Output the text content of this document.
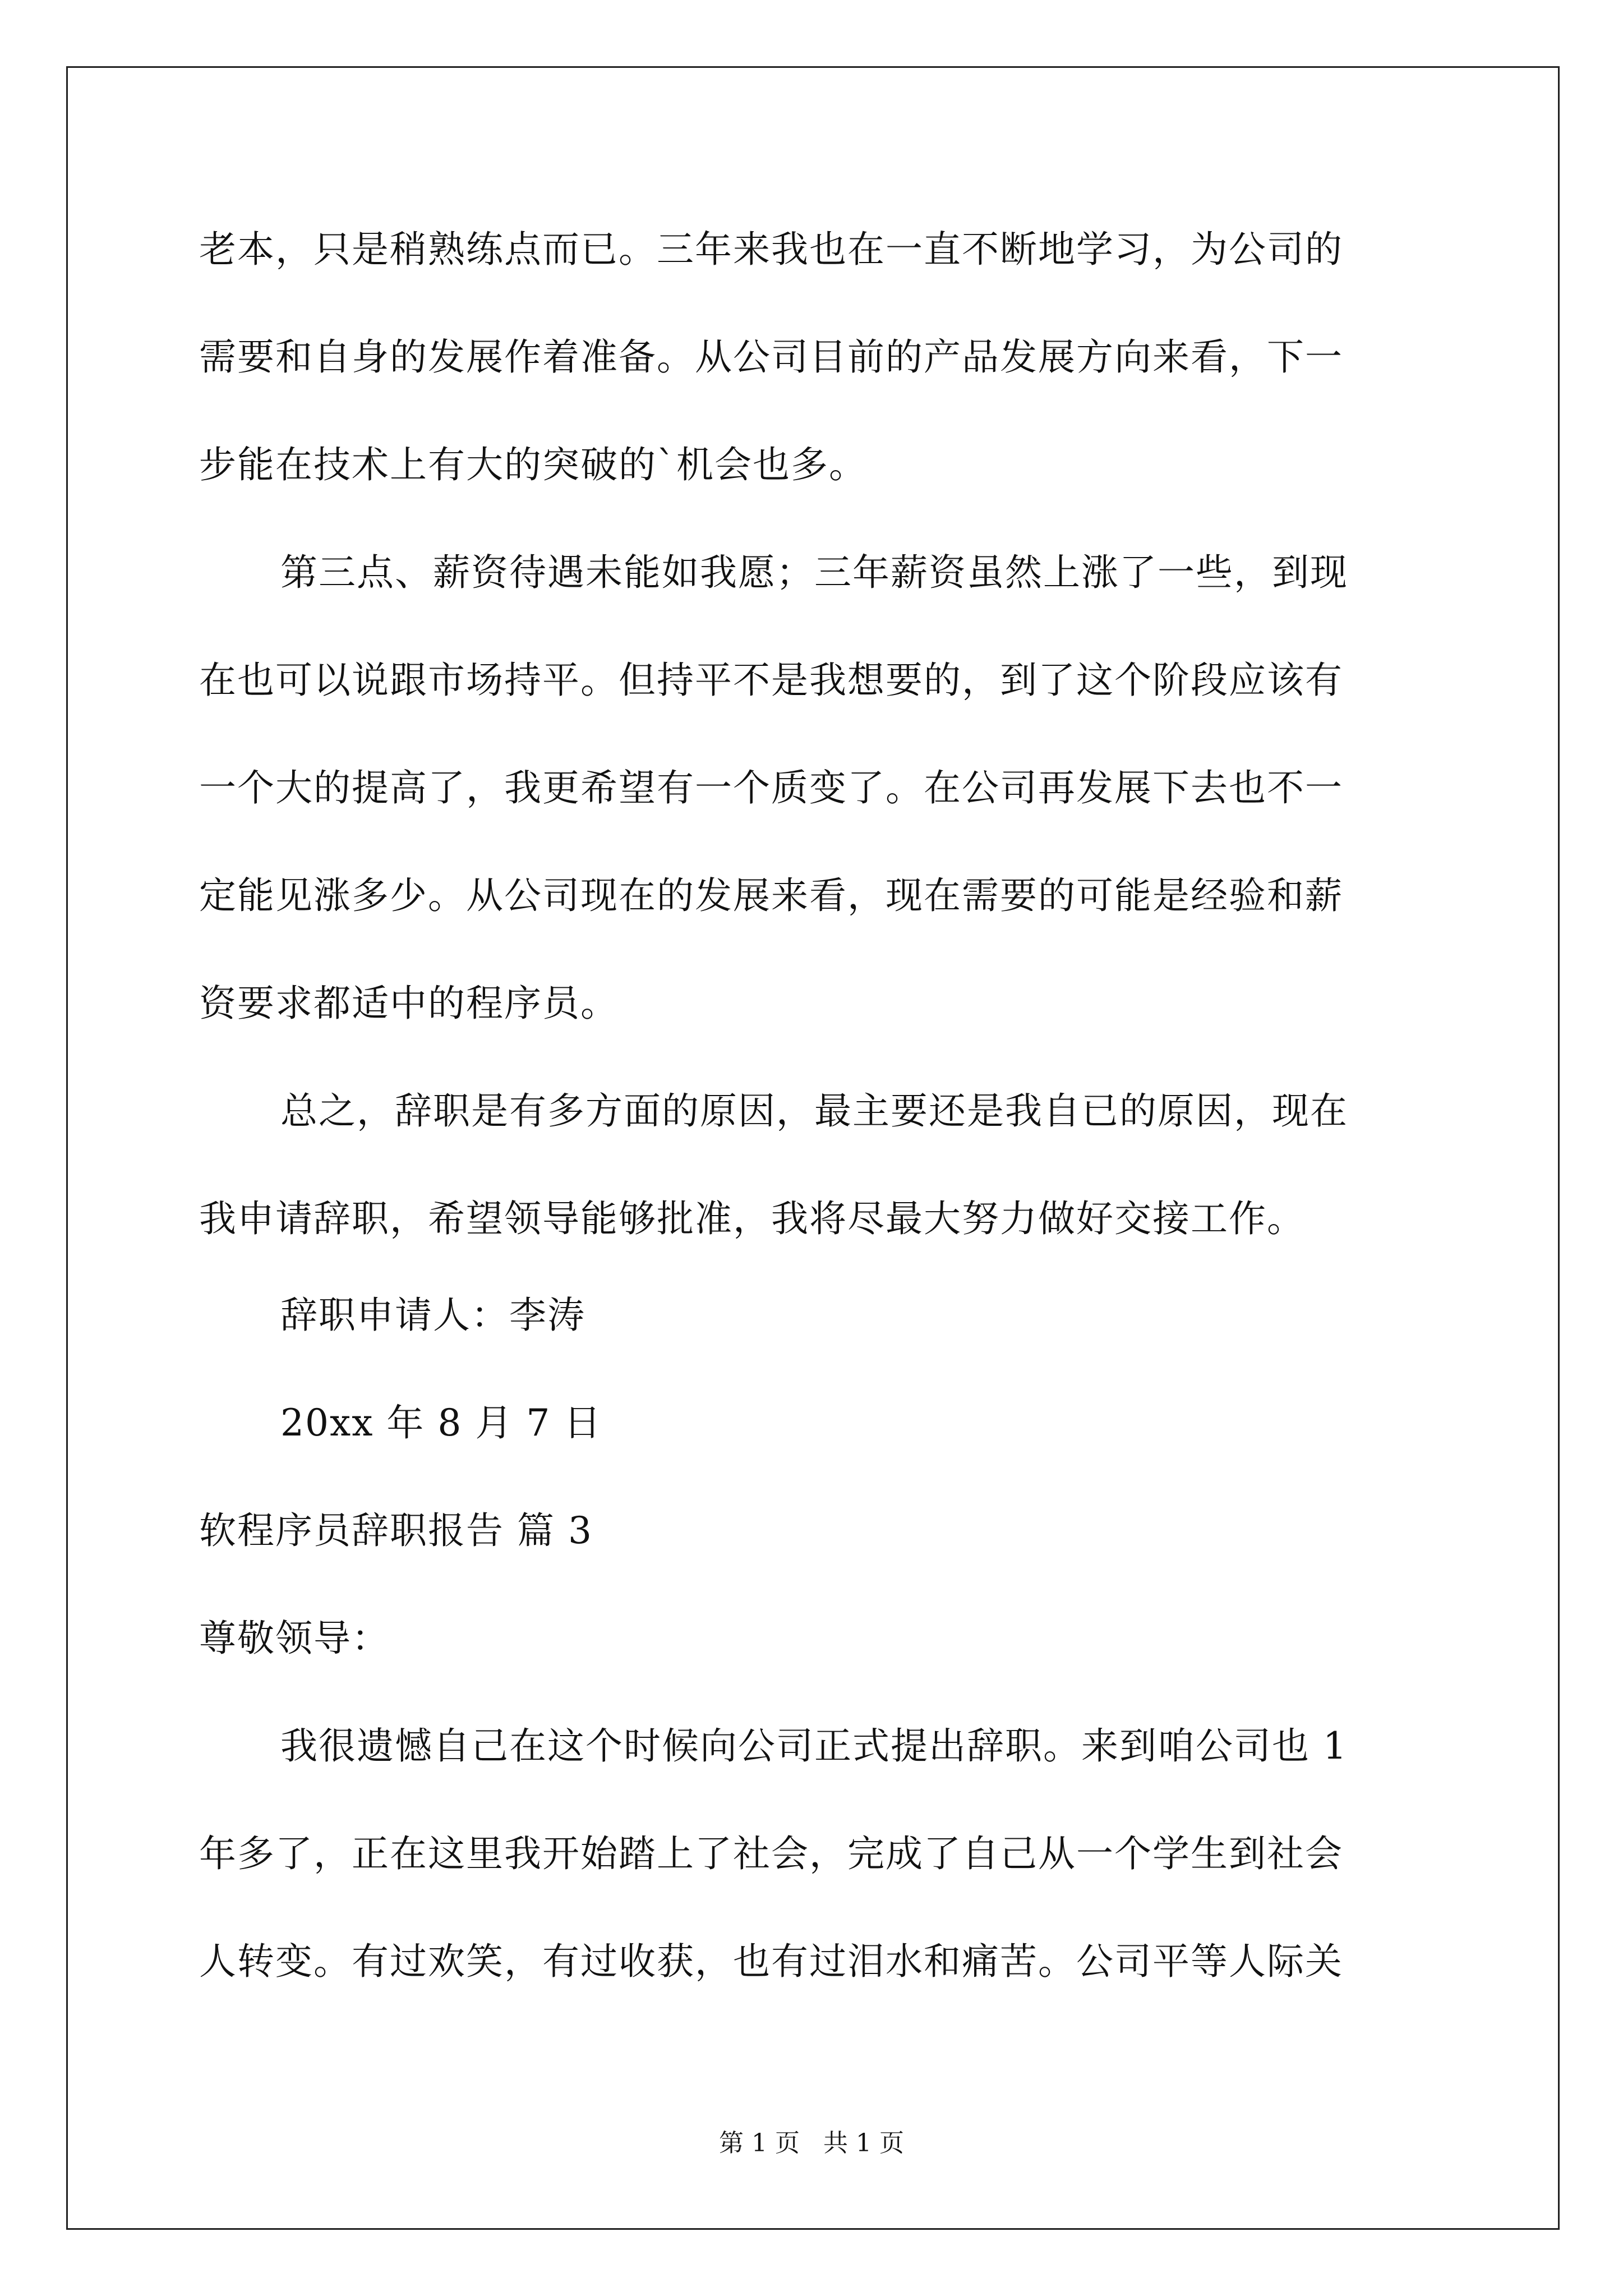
老本，只是稍熟练点而已。三年来我也在一直不断地学习，为公司的
需要和自身的发展作着准备。从公司目前的产品发展方向来看，下一
步能在技术上有大的突破的`机会也多。
第三点、薪资待遇未能如我愿；三年薪资虽然上涨了一些，到现
在也可以说跟市场持平。但持平不是我想要的，到了这个阶段应该有
一个大的提高了，我更希望有一个质变了。在公司再发展下去也不一
定能见涨多少。从公司现在的发展来看，现在需要的可能是经验和薪
资要求都适中的程序员。
总之，辞职是有多方面的原因，最主要还是我自已的原因，现在
我申请辞职，希望领导能够批准，我将尽最大努力做好交接工作。
辞职申请人：李涛
20xx 年 8 月 7 日
软程序员辞职报告 篇 3
尊敬领导：
我很遗憾自己在这个时候向公司正式提出辞职。来到咱公司也 1
年多了，正在这里我开始踏上了社会，完成了自己从一个学生到社会
人转变。有过欢笑，有过收获，也有过泪水和痛苦。公司平等人际关
第 1 页   共 1 页
